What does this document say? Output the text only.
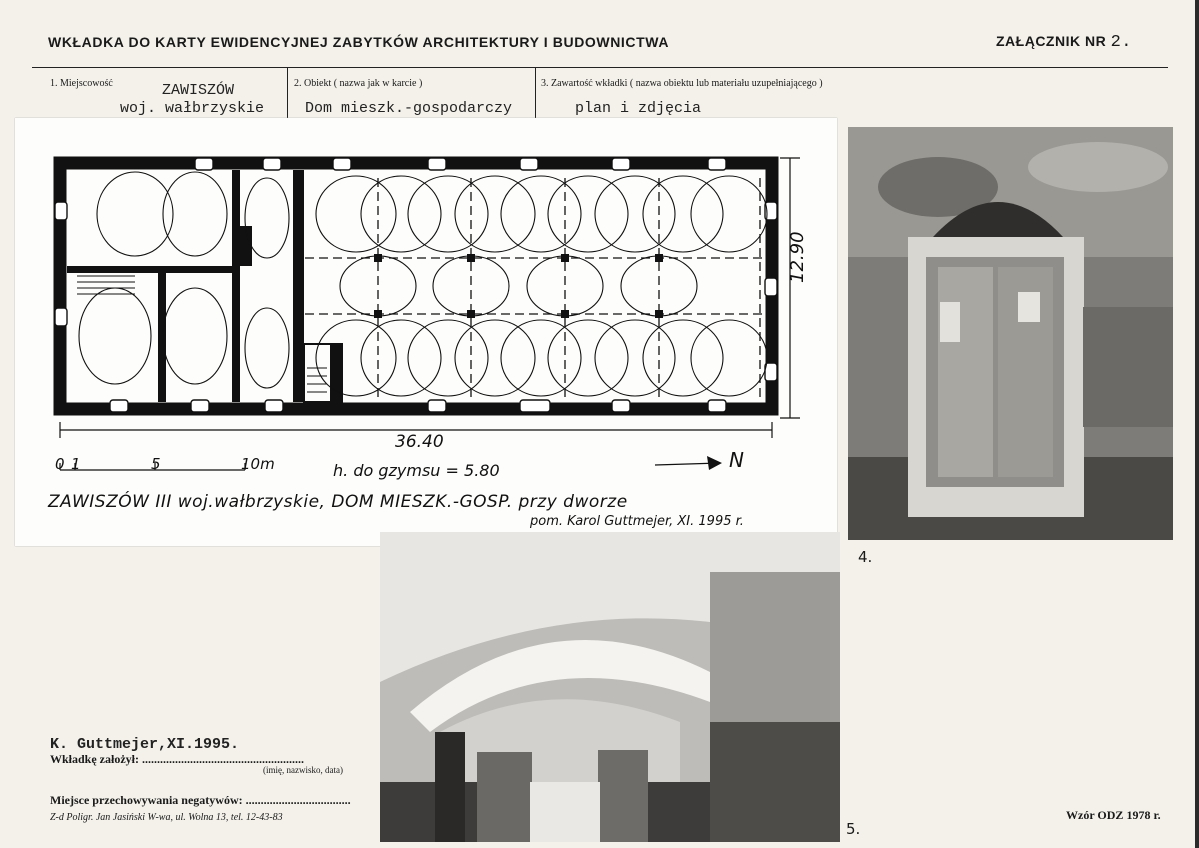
WKŁADKA DO KARTY EWIDENCYJNEJ ZABYTKÓW ARCHITEKTURY I BUDOWNICTWA	ZAŁĄCZNIK NR 2.
1. Miejscowość	ZAWISZÓW
woj. wałbrzyskie
2. Obiekt ( nazwa jak w karcie )
Dom mieszk.-gospodarczy
3. Zawartość wkładki ( nazwa obiektu lub materiału uzupełniającego )
plan i zdjęcia
12.90
36.40
0 1	5	10m	h. do gzymsu = 5.80	N
ZAWISZÓW III woj.wałbrzyskie, DOM MIESZK.-GOSP. przy dworze
pom. Karol Guttmejer, XI. 1995 r.
4.
5.
K. Guttmejer,XI.1995.
Wkładkę założył: ......................................................
(imię, nazwisko, data)
Miejsce przechowywania negatywów: ...................................
Z-d Poligr. Jan Jasiński W-wa, ul. Wolna 13, tel. 12-43-83	Wzór ODZ 1978 r.
